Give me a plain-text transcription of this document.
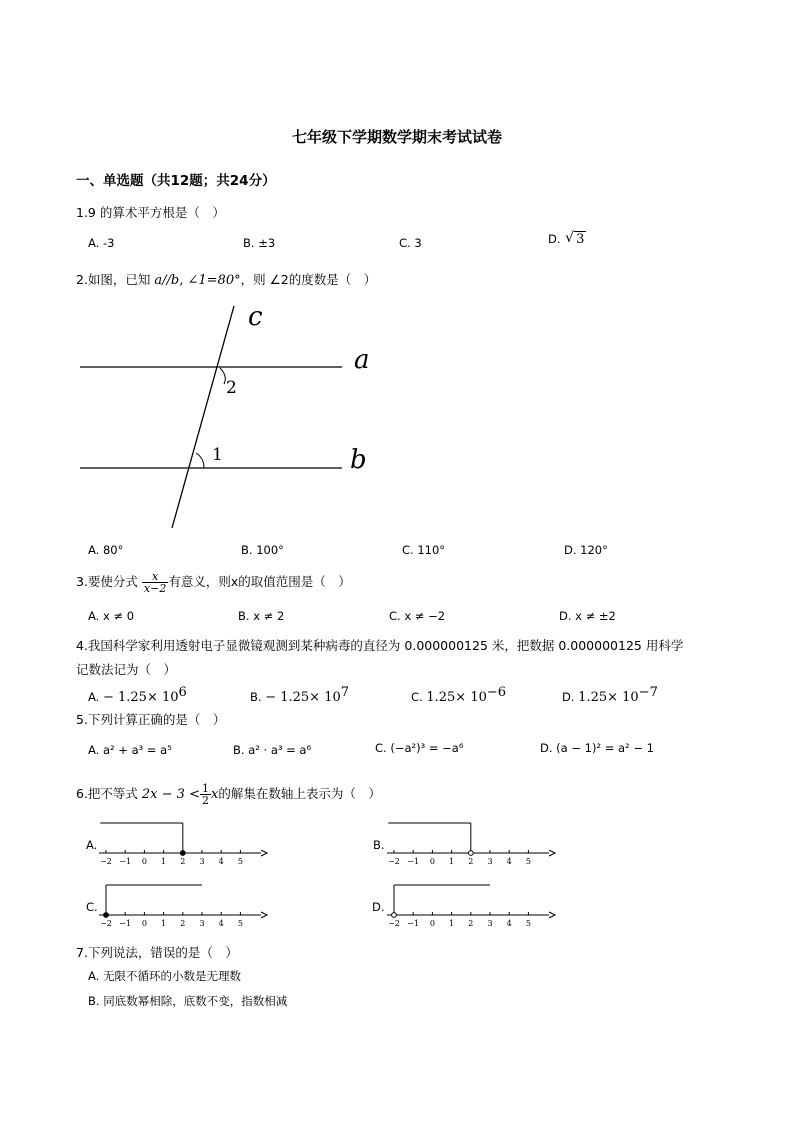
七年级下学期数学期末考试试卷
一、单选题（共12题；共24分）
1.9 的算术平方根是（　）
A. -3	B. ±3	C. 3	D. √ 3
2.如图，已知 a//b, ∠1=80°，则 ∠2的度数是（　）
c
a
b
2
1
A. 80°	B. 100°	C. 110°	D. 120°
3.要使分式 $\frac{x}{x-2}$ 有意义，则x的取值范围是（　）
A. x ≠ 0	B. x ≠ 2	C. x ≠ −2	D. x ≠ ±2
4.我国科学家利用透射电子显微镜观测到某种病毒的直径为 0.000000125 米，把数据 0.000000125 用科学
记数法记为（　）
A. − $1.25\times 10^6$	B. − $1.25\times 10^7$	C. $1.25\times 10^{-6}$	D. $1.25\times 10^{-7}$
5.下列计算正确的是（　）
A. a² + a³ = a⁵	B. a² · a³ = a⁶	C. (−a²)³ = −a⁶	D. (a − 1)² = a² − 1
6.把不等式 $2x - 3 < \frac{1}{2}$ x的解集在数轴上表示为（　）
A.	B.
C.	D.
−2 −1 0 1 2 3 4 5	−2 −1 0 1 2 3 4 5
−2 −1 0 1 2 3 4 5	−2 −1 0 1 2 3 4 5
7.下列说法，错误的是（　）
A. 无限不循环的小数是无理数
B. 同底数幂相除，底数不变，指数相减
